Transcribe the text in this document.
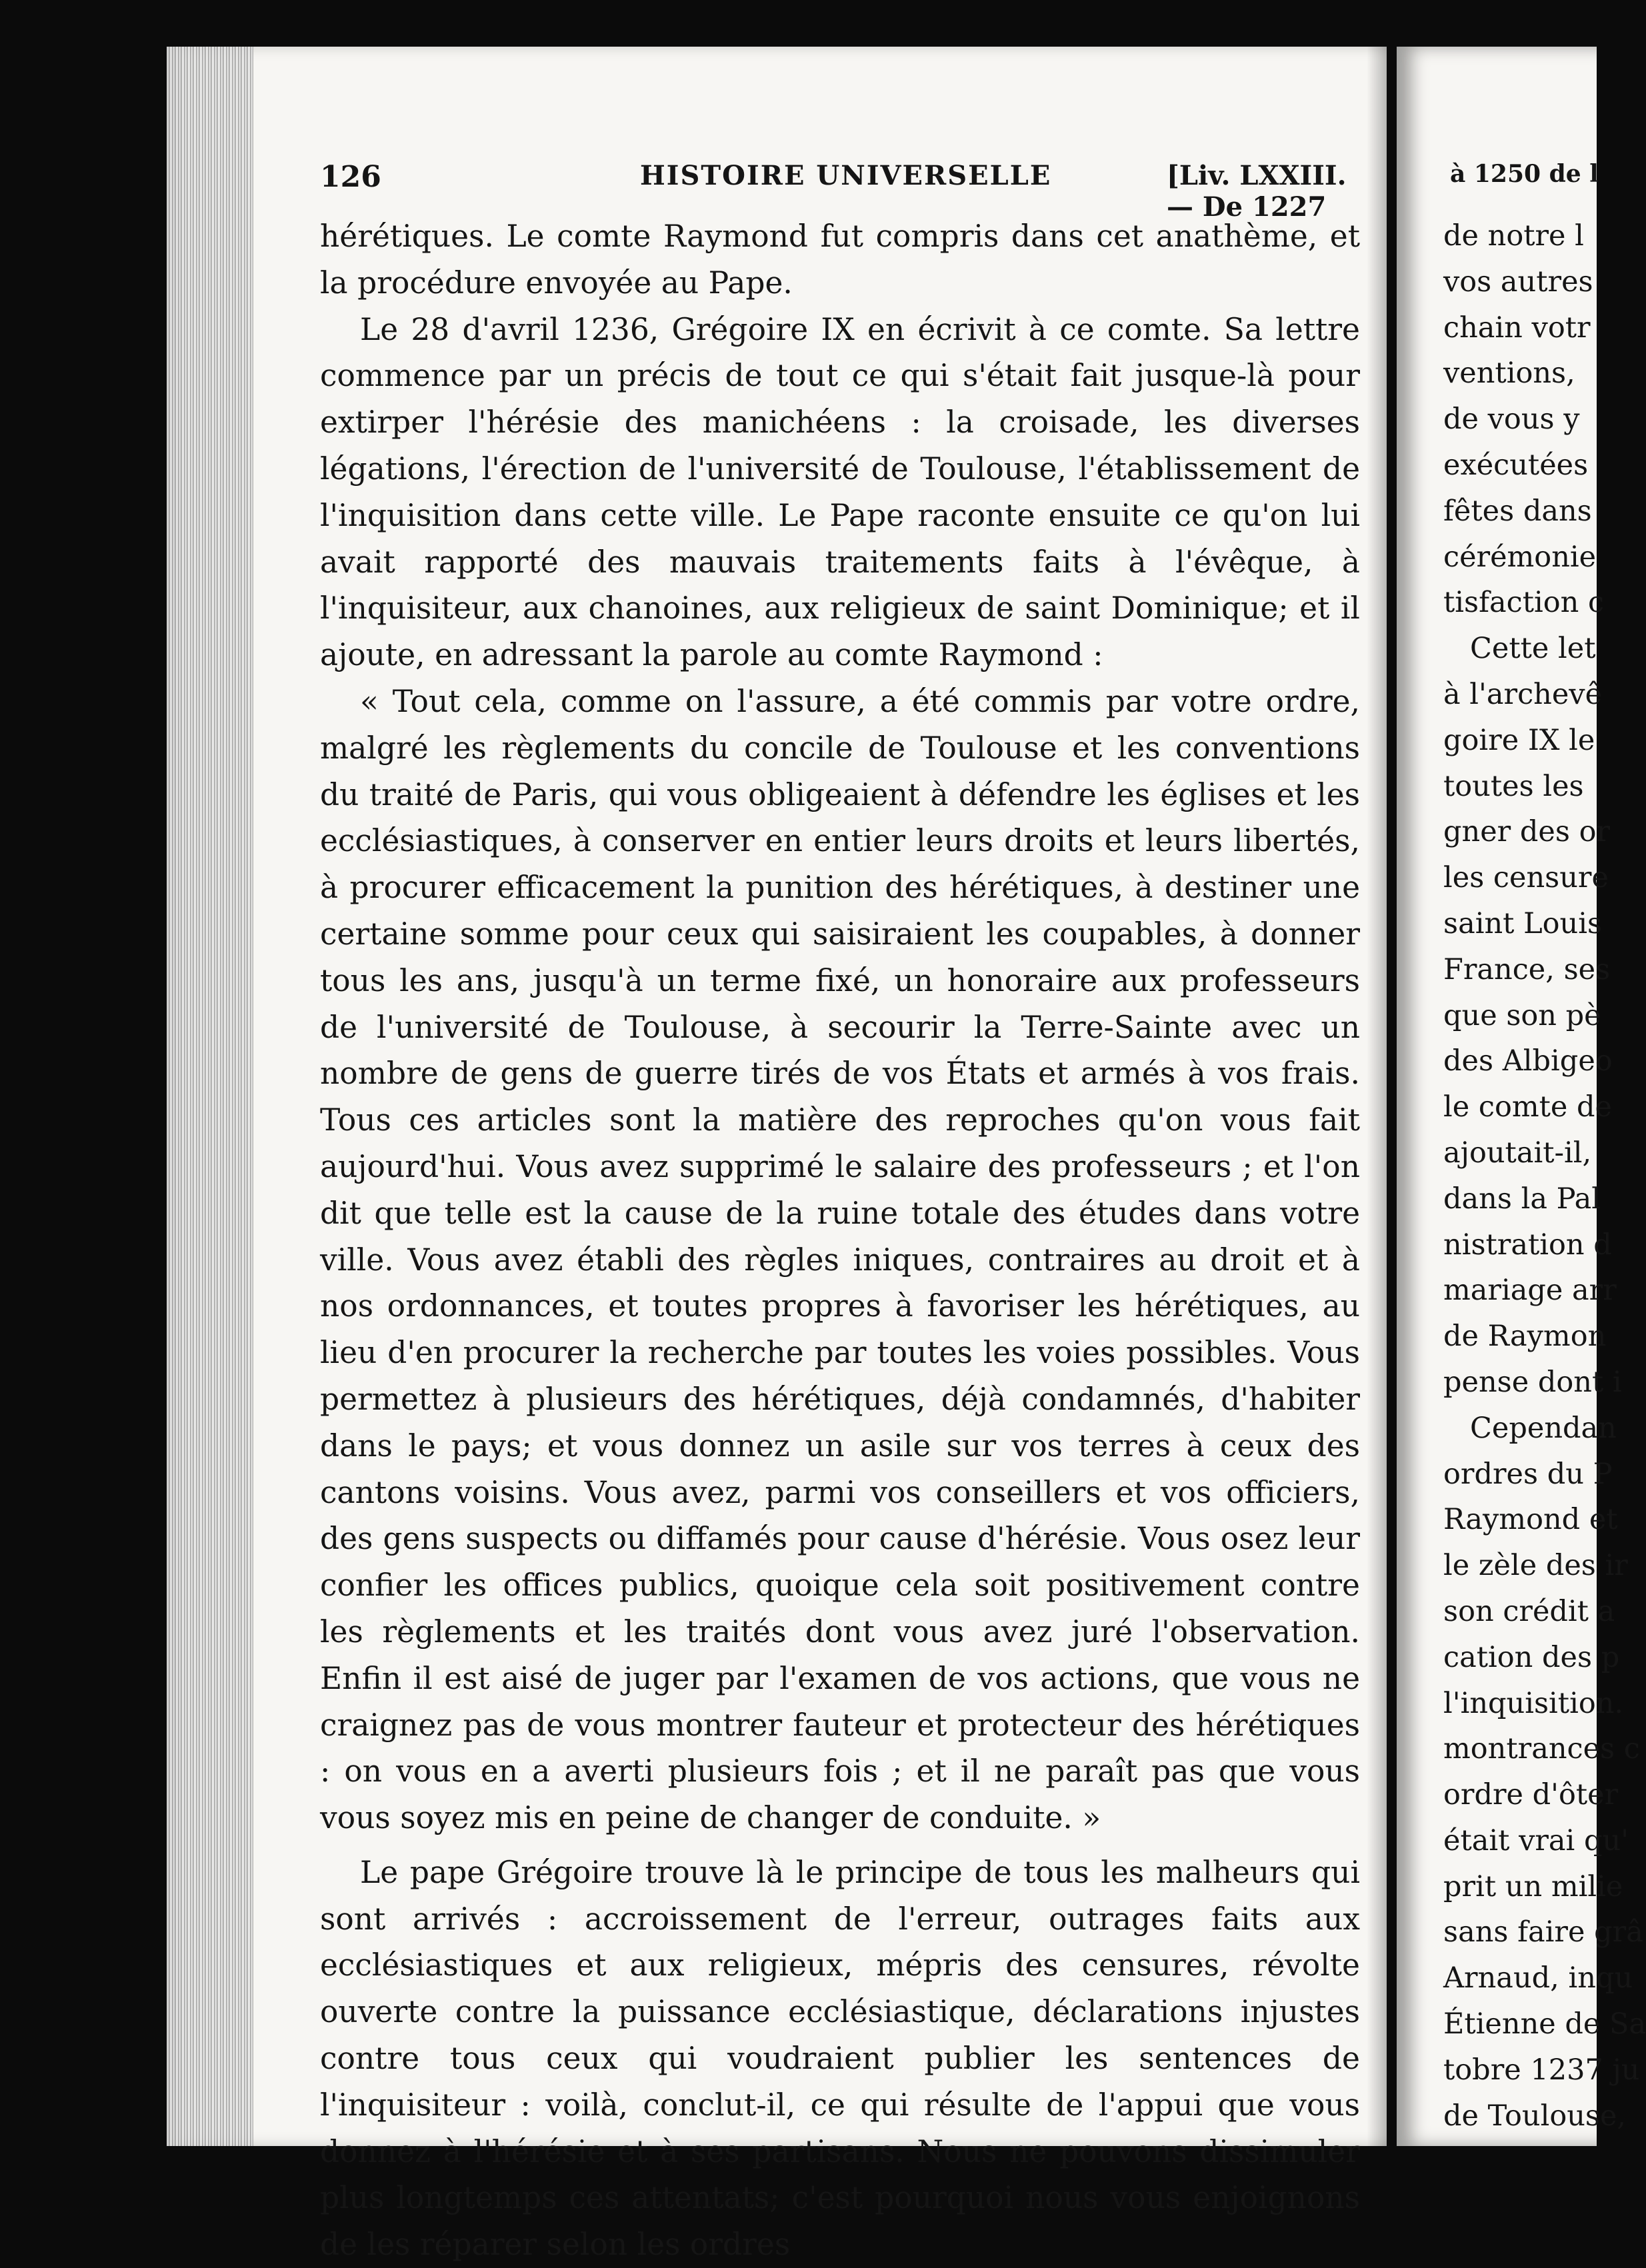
126	HISTOIRE UNIVERSELLE	[Liv. LXXIII. — De 1227

hérétiques. Le comte Raymond fut compris dans cet anathème, et la procédure envoyée au Pape.

Le 28 d'avril 1236, Grégoire IX en écrivit à ce comte. Sa lettre commence par un précis de tout ce qui s'était fait jusque-là pour extirper l'hérésie des manichéens : la croisade, les diverses légations, l'érection de l'université de Toulouse, l'établissement de l'inquisition dans cette ville. Le Pape raconte ensuite ce qu'on lui avait rapporté des mauvais traitements faits à l'évêque, à l'inquisiteur, aux chanoines, aux religieux de saint Dominique; et il ajoute, en adressant la parole au comte Raymond :

« Tout cela, comme on l'assure, a été commis par votre ordre, malgré les règlements du concile de Toulouse et les conventions du traité de Paris, qui vous obligeaient à défendre les églises et les ecclésiastiques, à conserver en entier leurs droits et leurs libertés, à procurer efficacement la punition des hérétiques, à destiner une certaine somme pour ceux qui saisiraient les coupables, à donner tous les ans, jusqu'à un terme fixé, un honoraire aux professeurs de l'université de Toulouse, à secourir la Terre-Sainte avec un nombre de gens de guerre tirés de vos États et armés à vos frais. Tous ces articles sont la matière des reproches qu'on vous fait aujourd'hui. Vous avez supprimé le salaire des professeurs ; et l'on dit que telle est la cause de la ruine totale des études dans votre ville. Vous avez établi des règles iniques, contraires au droit et à nos ordonnances, et toutes propres à favoriser les hérétiques, au lieu d'en procurer la recherche par toutes les voies possibles. Vous permettez à plusieurs des hérétiques, déjà condamnés, d'habiter dans le pays; et vous donnez un asile sur vos terres à ceux des cantons voisins. Vous avez, parmi vos conseillers et vos officiers, des gens suspects ou diffamés pour cause d'hérésie. Vous osez leur confier les offices publics, quoique cela soit positivement contre les règlements et les traités dont vous avez juré l'observation. Enfin il est aisé de juger par l'examen de vos actions, que vous ne craignez pas de vous montrer fauteur et protecteur des hérétiques : on vous en a averti plusieurs fois ; et il ne paraît pas que vous vous soyez mis en peine de changer de conduite. »

Le pape Grégoire trouve là le principe de tous les malheurs qui sont arrivés : accroissement de l'erreur, outrages faits aux ecclésiastiques et aux religieux, mépris des censures, révolte ouverte contre la puissance ecclésiastique, déclarations injustes contre tous ceux qui voudraient publier les sentences de l'inquisiteur : voilà, conclut-il, ce qui résulte de l'appui que vous donnez à l'hérésie et à ses partisans. Nous ne pouvons dissimuler plus longtemps ces attentats; c'est pourquoi nous vous enjoignons de les réparer selon les ordres

à 1250 de l
de notre l
vos autres
chain votr
ventions,
de vous y
exécutées
fêtes dans
cérémonie
tisfaction c
Cette let
à l'archevê
goire IX le
toutes les
gner des or
les censure
saint Louis
France, ses
que son pè
des Albigeo
le comte de
ajoutait-il,
dans la Pal
nistration d
mariage arr
de Raymon
pense dont i
Cependan
ordres du P
Raymond et
le zèle des ir
son crédit a
cation des p
l'inquisition.
montrances c
ordre d'ôter
était vrai qu'
prit un milie
sans faire grâ
Arnaud, inqu
Étienne de Sa
tobre 1237 ju
de Toulouse,
